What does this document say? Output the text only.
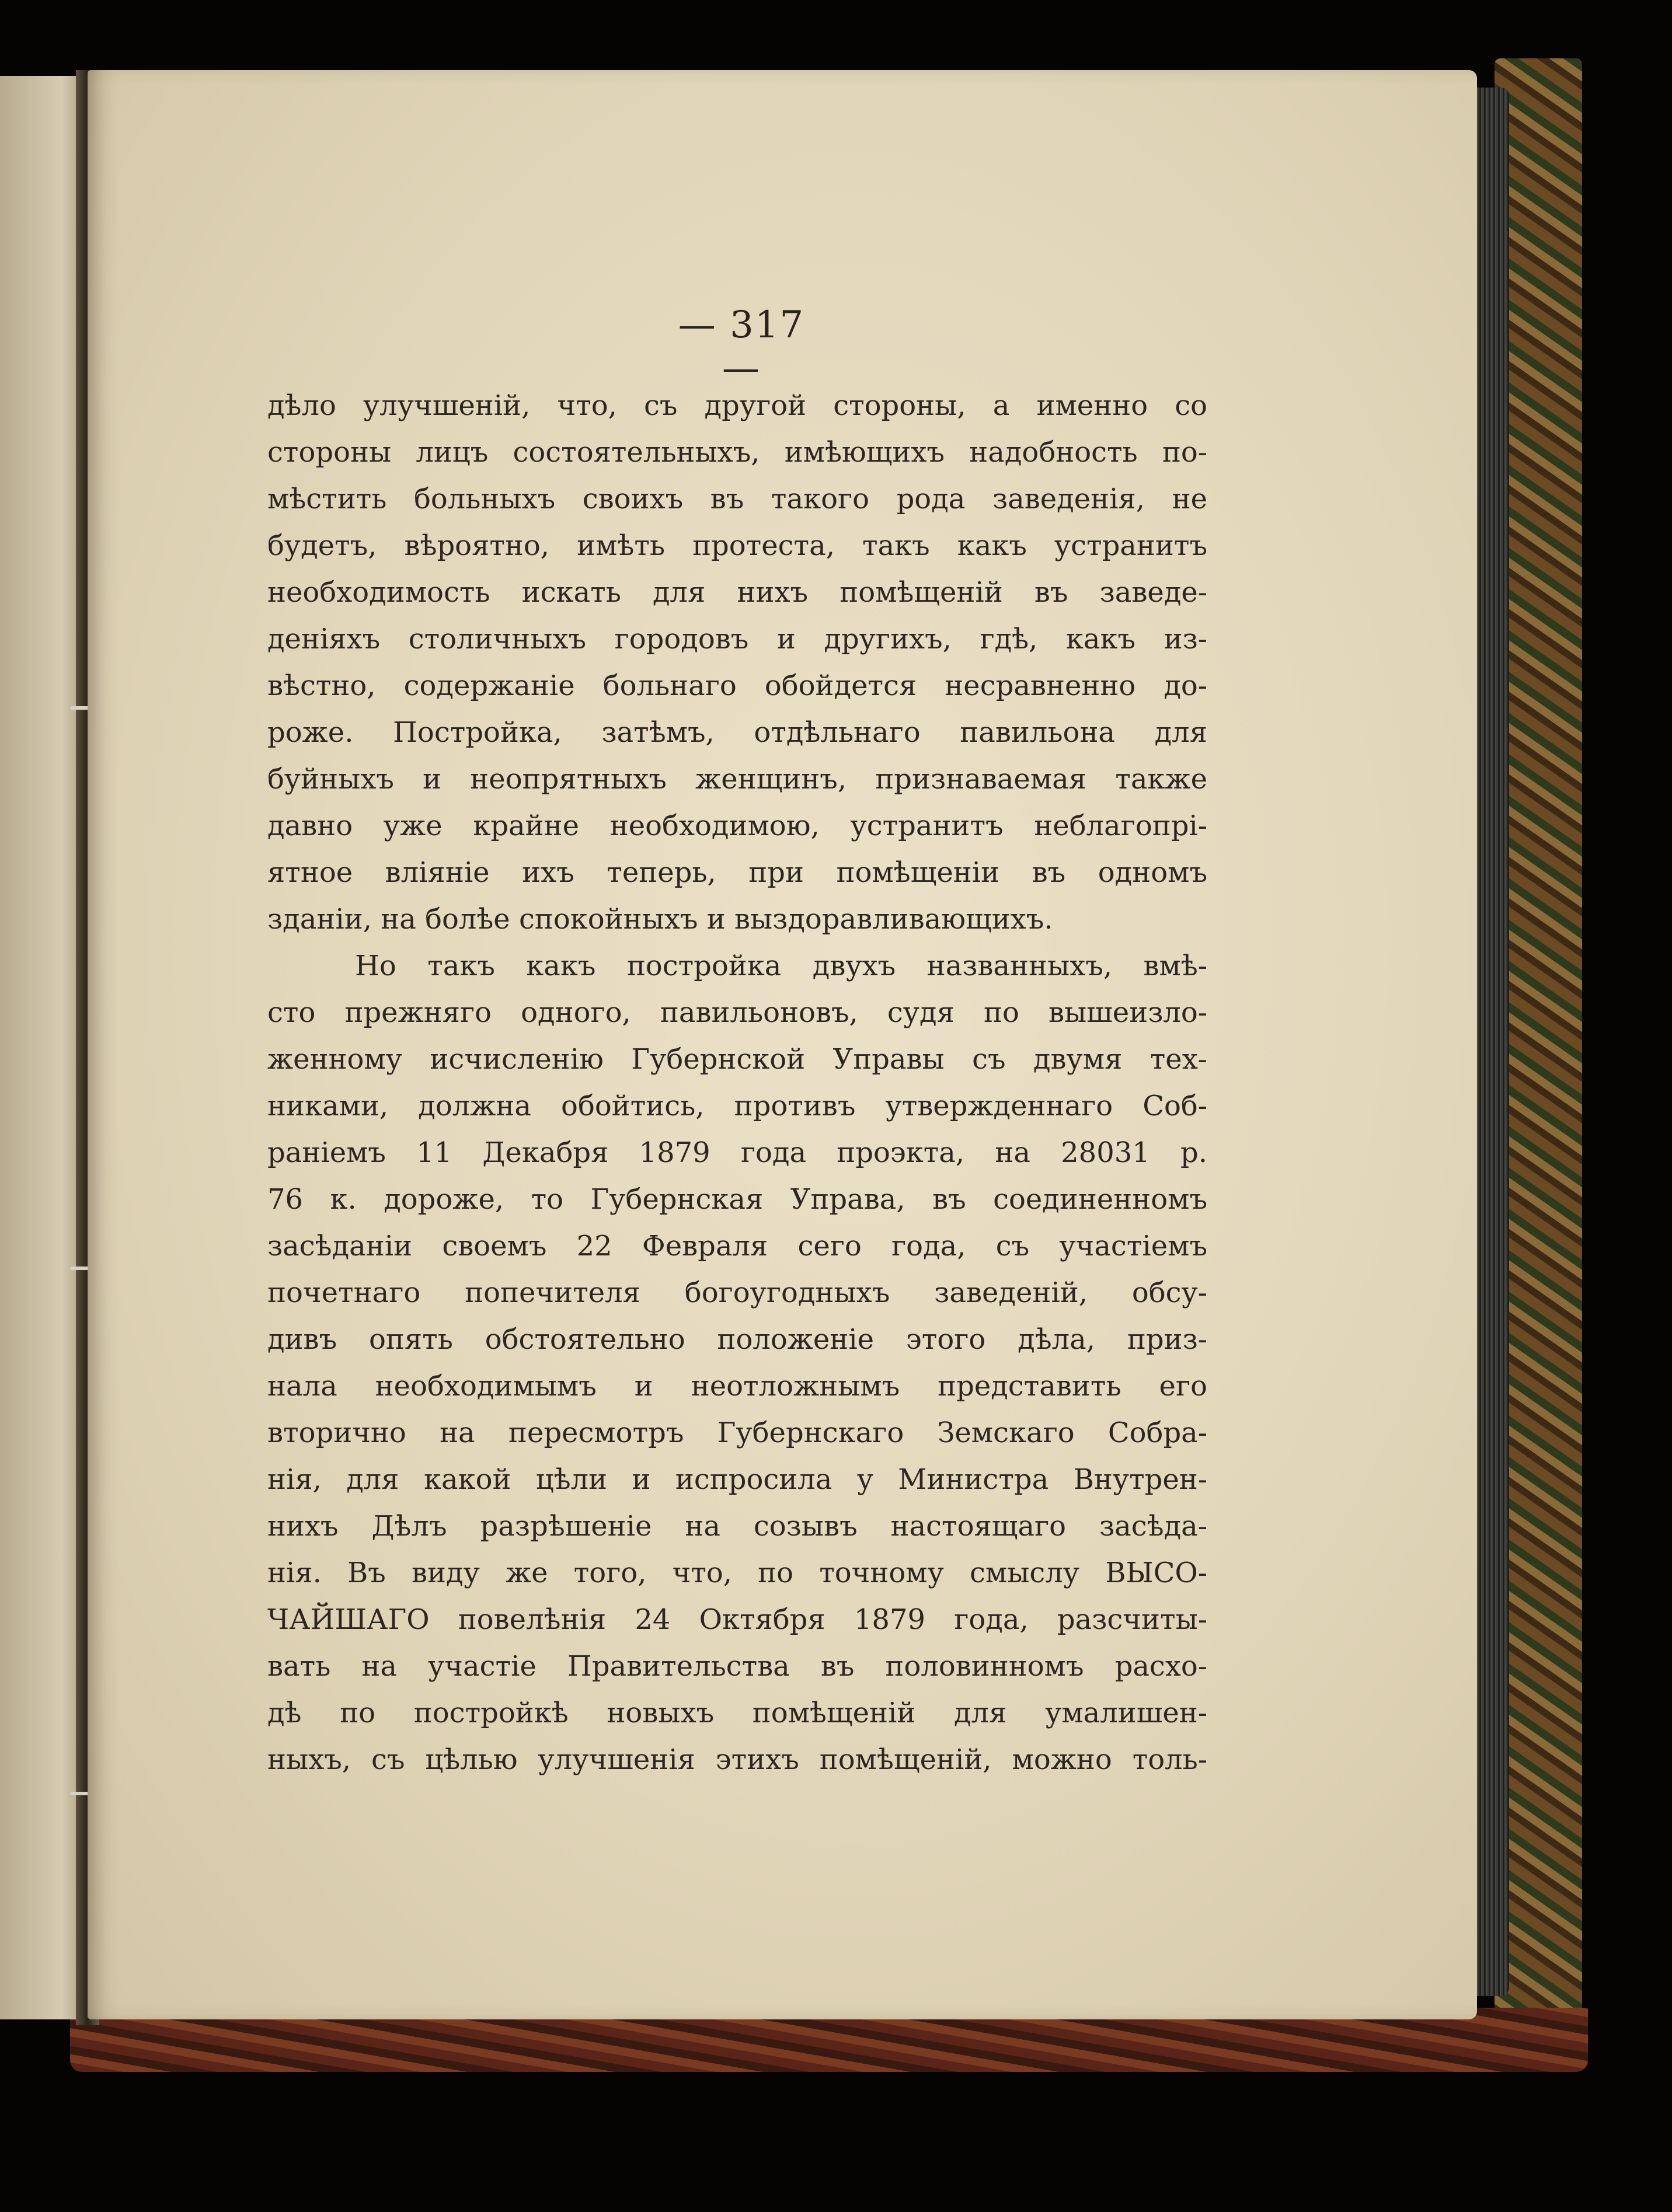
— 317 —
дѣло улучшеній, что, съ другой стороны, а именно со
стороны лицъ состоятельныхъ, имѣющихъ надобность по-
мѣстить больныхъ своихъ въ такого рода заведенія, не
будетъ, вѣроятно, имѣть протеста, такъ какъ устранитъ
необходимость искать для нихъ помѣщеній въ заведе-
деніяхъ столичныхъ городовъ и другихъ, гдѣ, какъ из-
вѣстно, содержаніе больнаго обойдется несравненно до-
роже. Постройка, затѣмъ, отдѣльнаго павильона для
буйныхъ и неопрятныхъ женщинъ, признаваемая также
давно уже крайне необходимою, устранитъ неблагопрі-
ятное вліяніе ихъ теперь, при помѣщеніи въ одномъ
зданіи, на болѣе спокойныхъ и выздоравливающихъ.
Но такъ какъ постройка двухъ названныхъ, вмѣ-
сто прежняго одного, павильоновъ, судя по вышеизло-
женному исчисленію Губернской Управы съ двумя тех-
никами, должна обойтись, противъ утвержденнаго Соб-
раніемъ 11 Декабря 1879 года проэкта, на 28031 р.
76 к. дороже, то Губернская Управа, въ соединенномъ
засѣданіи своемъ 22 Февраля сего года, съ участіемъ
почетнаго попечителя богоугодныхъ заведеній, обсу-
дивъ опять обстоятельно положеніе этого дѣла, приз-
нала необходимымъ и неотложнымъ представить его
вторично на пересмотръ Губернскаго Земскаго Собра-
нія, для какой цѣли и испросила у Министра Внутрен-
нихъ Дѣлъ разрѣшеніе на созывъ настоящаго засѣда-
нія. Въ виду же того, что, по точному смыслу ВЫСО-
ЧАЙШАГО повелѣнія 24 Октября 1879 года, разсчиты-
вать на участіе Правительства въ половинномъ расхо-
дѣ по постройкѣ новыхъ помѣщеній для умалишен-
ныхъ, съ цѣлью улучшенія этихъ помѣщеній, можно толь-
